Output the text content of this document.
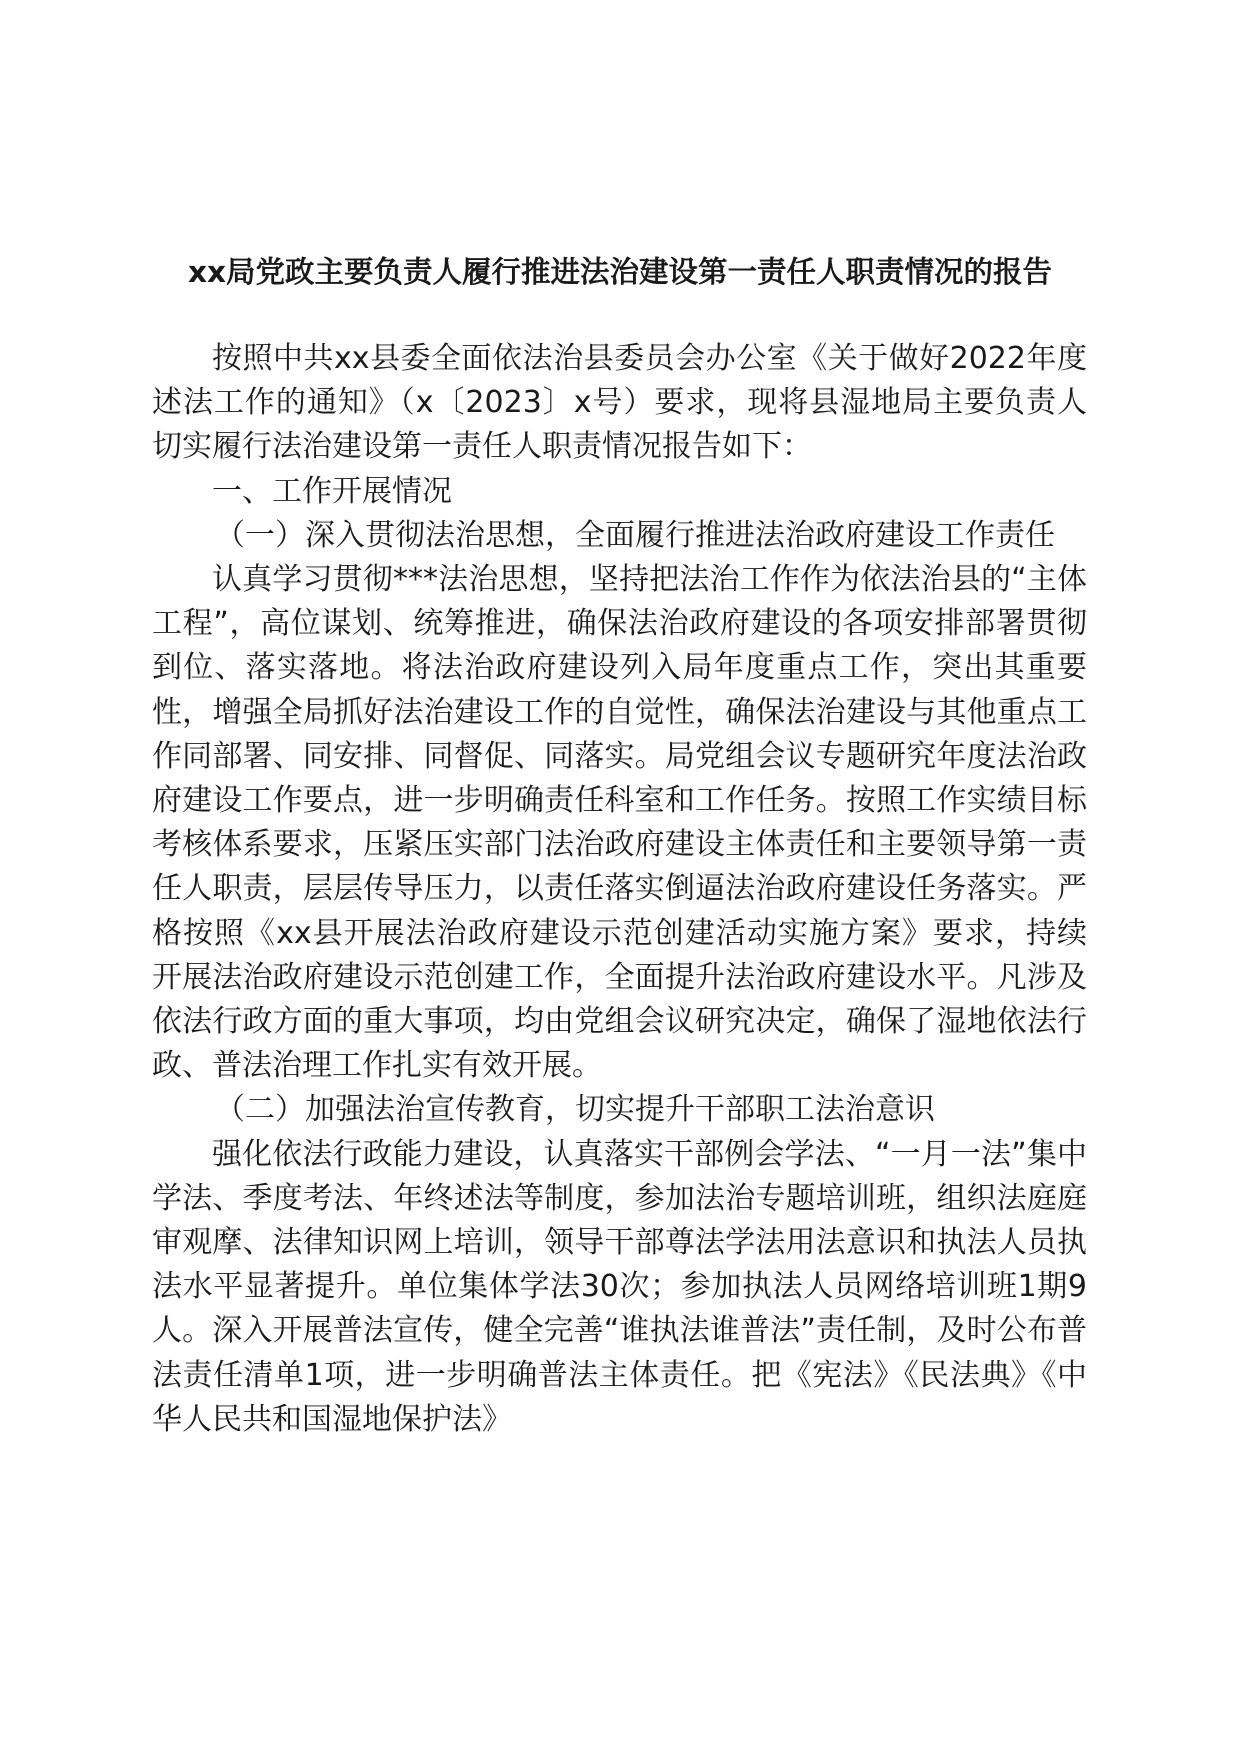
xx局党政主要负责人履行推进法治建设第一责任人职责情况的报告

按照中共xx县委全面依法治县委员会办公室《关于做好2022年度述法工作的通知》（x〔2023〕x号）要求，现将县湿地局主要负责人切实履行法治建设第一责任人职责情况报告如下：

一、工作开展情况

（一）深入贯彻法治思想，全面履行推进法治政府建设工作责任

认真学习贯彻***法治思想，坚持把法治工作作为依法治县的“主体工程”，高位谋划、统筹推进，确保法治政府建设的各项安排部署贯彻到位、落实落地。将法治政府建设列入局年度重点工作，突出其重要性，增强全局抓好法治建设工作的自觉性，确保法治建设与其他重点工作同部署、同安排、同督促、同落实。局党组会议专题研究年度法治政府建设工作要点，进一步明确责任科室和工作任务。按照工作实绩目标考核体系要求，压紧压实部门法治政府建设主体责任和主要领导第一责任人职责，层层传导压力，以责任落实倒逼法治政府建设任务落实。严格按照《xx县开展法治政府建设示范创建活动实施方案》要求，持续开展法治政府建设示范创建工作，全面提升法治政府建设水平。凡涉及依法行政方面的重大事项，均由党组会议研究决定，确保了湿地依法行政、普法治理工作扎实有效开展。

（二）加强法治宣传教育，切实提升干部职工法治意识

强化依法行政能力建设，认真落实干部例会学法、“一月一法”集中学法、季度考法、年终述法等制度，参加法治专题培训班，组织法庭庭审观摩、法律知识网上培训，领导干部尊法学法用法意识和执法人员执法水平显著提升。单位集体学法30次；参加执法人员网络培训班1期9人。深入开展普法宣传，健全完善“谁执法谁普法”责任制，及时公布普法责任清单1项，进一步明确普法主体责任。把《宪法》《民法典》《中华人民共和国湿地保护法》
